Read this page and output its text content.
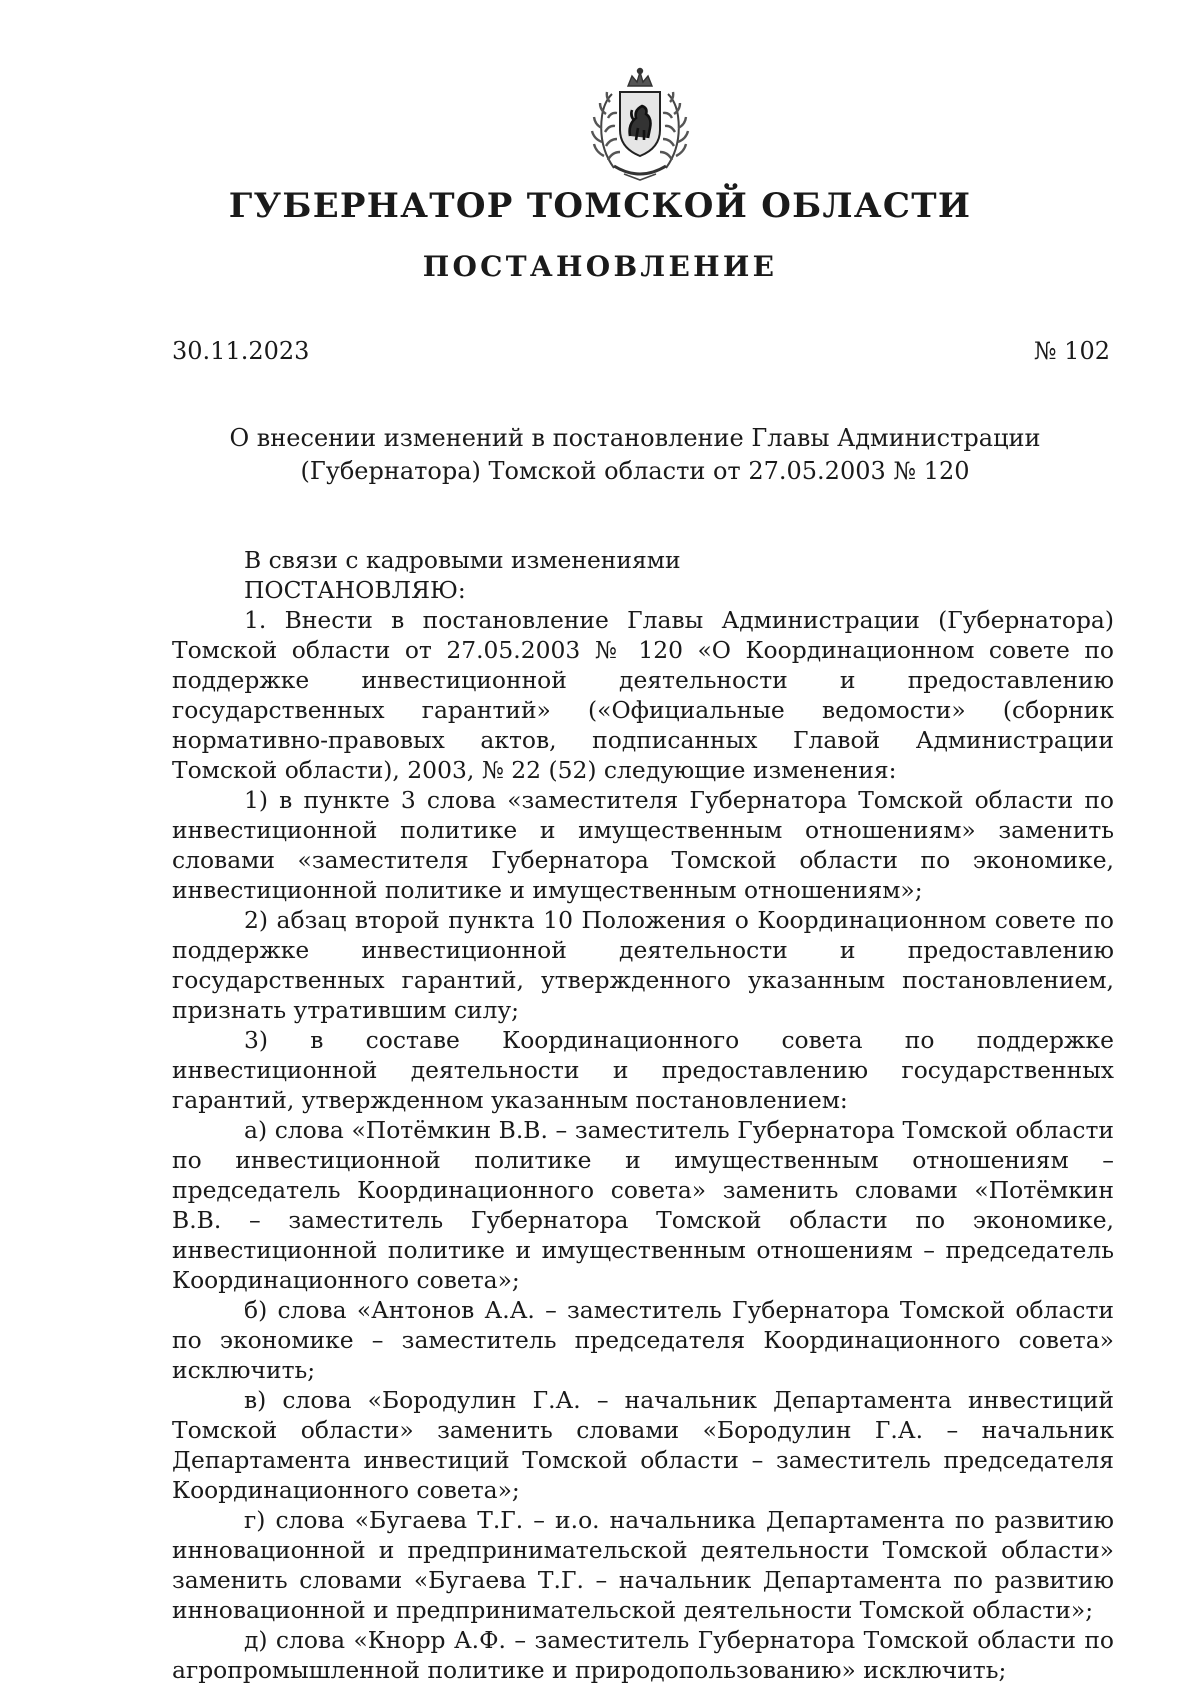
ГУБЕРНАТОР ТОМСКОЙ ОБЛАСТИ
ПОСТАНОВЛЕНИЕ
30.11.2023	№ 102
О внесении изменений в постановление Главы Администрации
(Губернатора) Томской области от 27.05.2003 № 120

В связи с кадровыми изменениями

ПОСТАНОВЛЯЮ:

1. Внести в постановление Главы Администрации (Губернатора) Томской области от 27.05.2003 № 120 «О Координационном совете по поддержке инвестиционной деятельности и предоставлению государственных гарантий» («Официальные ведомости» (сборник нормативно-правовых актов, подписанных Главой Администрации Томской области), 2003, № 22 (52) следующие изменения:

1) в пункте 3 слова «заместителя Губернатора Томской области по инвестиционной политике и имущественным отношениям» заменить словами «заместителя Губернатора Томской области по экономике, инвестиционной политике и имущественным отношениям»;

2) абзац второй пункта 10 Положения о Координационном совете по поддержке инвестиционной деятельности и предоставлению государственных гарантий, утвержденного указанным постановлением, признать утратившим силу;

3) в составе Координационного совета по поддержке инвестиционной деятельности и предоставлению государственных гарантий, утвержденном указанным постановлением:

а) слова «Потёмкин В.В. – заместитель Губернатора Томской области по инвестиционной политике и имущественным отношениям – председатель Координационного совета» заменить словами «Потёмкин В.В. – заместитель Губернатора Томской области по экономике, инвестиционной политике и имущественным отношениям – председатель Координационного совета»;

б) слова «Антонов А.А. – заместитель Губернатора Томской области по экономике – заместитель председателя Координационного совета» исключить;

в) слова «Бородулин Г.А. – начальник Департамента инвестиций Томской области» заменить словами «Бородулин Г.А. – начальник Департамента инвестиций Томской области – заместитель председателя Координационного совета»;

г) слова «Бугаева Т.Г. – и.о. начальника Департамента по развитию инновационной и предпринимательской деятельности Томской области» заменить словами «Бугаева Т.Г. – начальник Департамента по развитию инновационной и предпринимательской деятельности Томской области»;

д) слова «Кнорр А.Ф. – заместитель Губернатора Томской области по агропромышленной политике и природопользованию» исключить;
